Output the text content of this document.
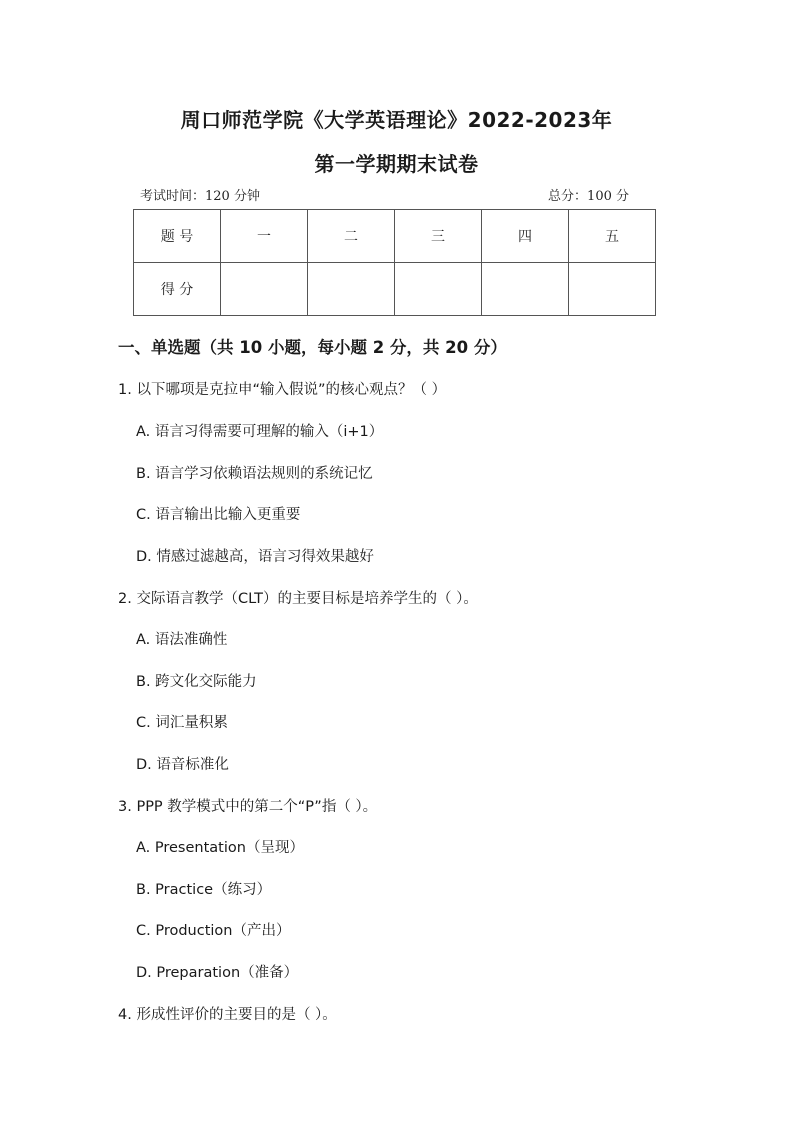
周口师范学院《大学英语理论》2022-2023年
第一学期期末试卷
考试时间：120 分钟	总分：100 分
题 号	一	二	三	四	五
得 分					
一、单选题（共 10 小题，每小题 2 分，共 20 分）
1. 以下哪项是克拉申“输入假说”的核心观点？（ ）
A. 语言习得需要可理解的输入（i+1）
B. 语言学习依赖语法规则的系统记忆
C. 语言输出比输入更重要
D. 情感过滤越高，语言习得效果越好
2. 交际语言教学（CLT）的主要目标是培养学生的（ ）。
A. 语法准确性
B. 跨文化交际能力
C. 词汇量积累
D. 语音标准化
3. PPP 教学模式中的第二个“P”指（ ）。
A. Presentation（呈现）
B. Practice（练习）
C. Production（产出）
D. Preparation（准备）
4. 形成性评价的主要目的是（ ）。
